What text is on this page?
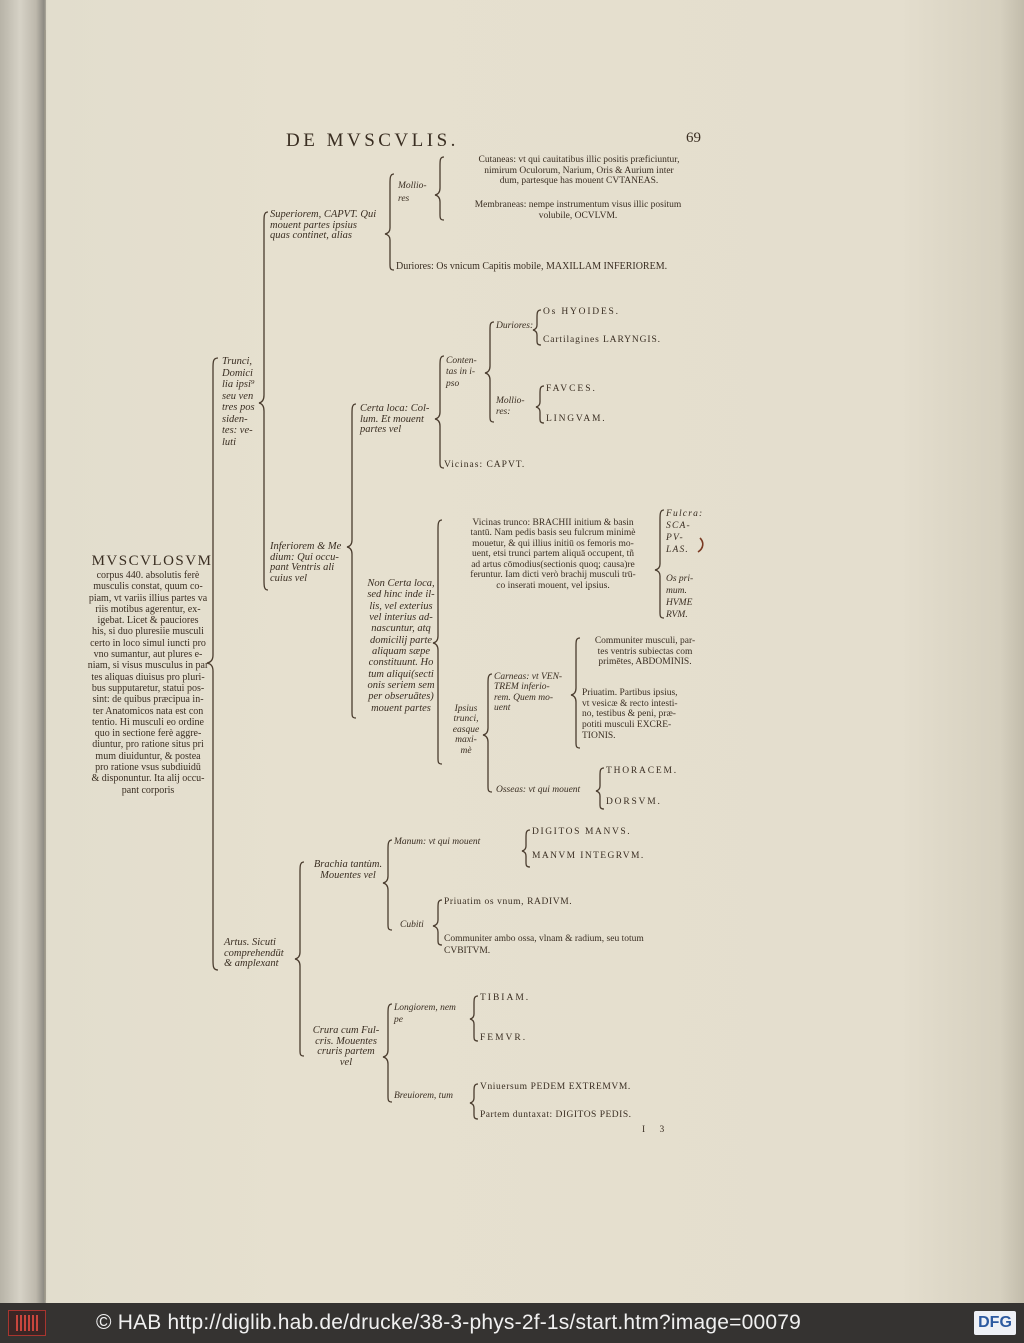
DE MVSCVLIS.	69
MVSCVLOSVM
corpus 440. absolutis ferè
musculis constat, quum co-
piam, vt variis illius partes va
riis motibus agerentur, ex-
igebat. Licet & pauciores
his, si duo pluresiie musculi
certo in loco simul iuncti pro
vno sumantur, aut plures e-
niam, si visus musculus in par
tes aliquas diuisus pro pluri-
bus supputaretur, statui pos-
sint: de quibus præcipua in-
ter Anatomicos nata est con
tentio. Hi musculi eo ordine
quo in sectione ferè aggre-
diuntur, pro ratione situs pri
mum diuiduntur, & postea
pro ratione vsus subdiuidū
& disponuntur. Ita alij occu-
pant corporis
Trunci,
Domici
lia ipsi⁹
seu ven
tres pos
siden-
tes: ve-
luti
Artus. Sicuti
comprehendūt
& amplexant
Superiorem, CAPVT. Qui
mouent partes ipsius
quas continet, alias
Mollio-
res
Cutaneas: vt qui cauitatibus illic positis præficiuntur,
nimirum Oculorum, Narium, Oris & Aurium inter
dum, partesque has mouent CVTANEAS.
Membraneas: nempe instrumentum visus illic positum
volubile, OCVLVM.
Duriores: Os vnicum Capitis mobile, MAXILLAM INFERIOREM.
Inferiorem & Me
dium: Qui occu-
pant Ventris ali
cuius vel
Certa loca: Col-
lum. Et mouent
partes vel
Conten-
tas in i-
pso
Duriores:
Os HYOIDES.
Cartilagines LARYNGIS.
Mollio-
res:
FAVCES.
LINGVAM.
Vicinas: CAPVT.
Non Certa loca,
sed hinc inde il-
lis, vel exterius
vel interius ad-
nascuntur, atq
domicilij parte
aliquam sæpe
constituunt. Ho
tum aliqui(secti
onis seriem sem
per obseruātes)
mouent partes
Vicinas trunco: BRACHII initium & basin
tantū. Nam pedis basis seu fulcrum minimè
mouetur, & qui illius initiū os femoris mo-
uent, etsi trunci partem aliquā occupent, tñ
ad artus cōmodius(sectionis quoq; causa)re
feruntur. Iam dicti verò brachij musculi trū-
co inserati mouent, vel ipsius.
Fulcra:
SCA-
PV-
LAS.
Os pri-
mum.
HVME
RVM.
Ipsius
trunci,
easque
maxi-
mè
Carneas: vt VEN-
TREM inferio-
rem. Quem mo-
uent
Communiter musculi, par-
tes ventris subiectas com
primētes, ABDOMINIS.
Priuatim. Partibus ipsius,
vt vesicæ & recto intesti-
no, testibus & peni, præ-
potiti musculi EXCRE-
TIONIS.
Osseas: vt qui mouent
THORACEM.
DORSVM.
Brachia tantùm.
Mouentes vel
Manum: vt qui mouent
DIGITOS MANVS.
MANVM INTEGRVM.
Cubiti
Priuatim os vnum, RADIVM.
Communiter ambo ossa, vlnam & radium, seu totum
CVBITVM.
Crura cum Ful-
cris. Mouentes
cruris partem
vel
Longiorem, nem
pe
TIBIAM.
FEMVR.
Breuiorem, tum
Vniuersum PEDEM EXTREMVM.
Partem duntaxat: DIGITOS PEDIS.
I 3
© HAB http://diglib.hab.de/drucke/38-3-phys-2f-1s/start.htm?image=00079	DFG
